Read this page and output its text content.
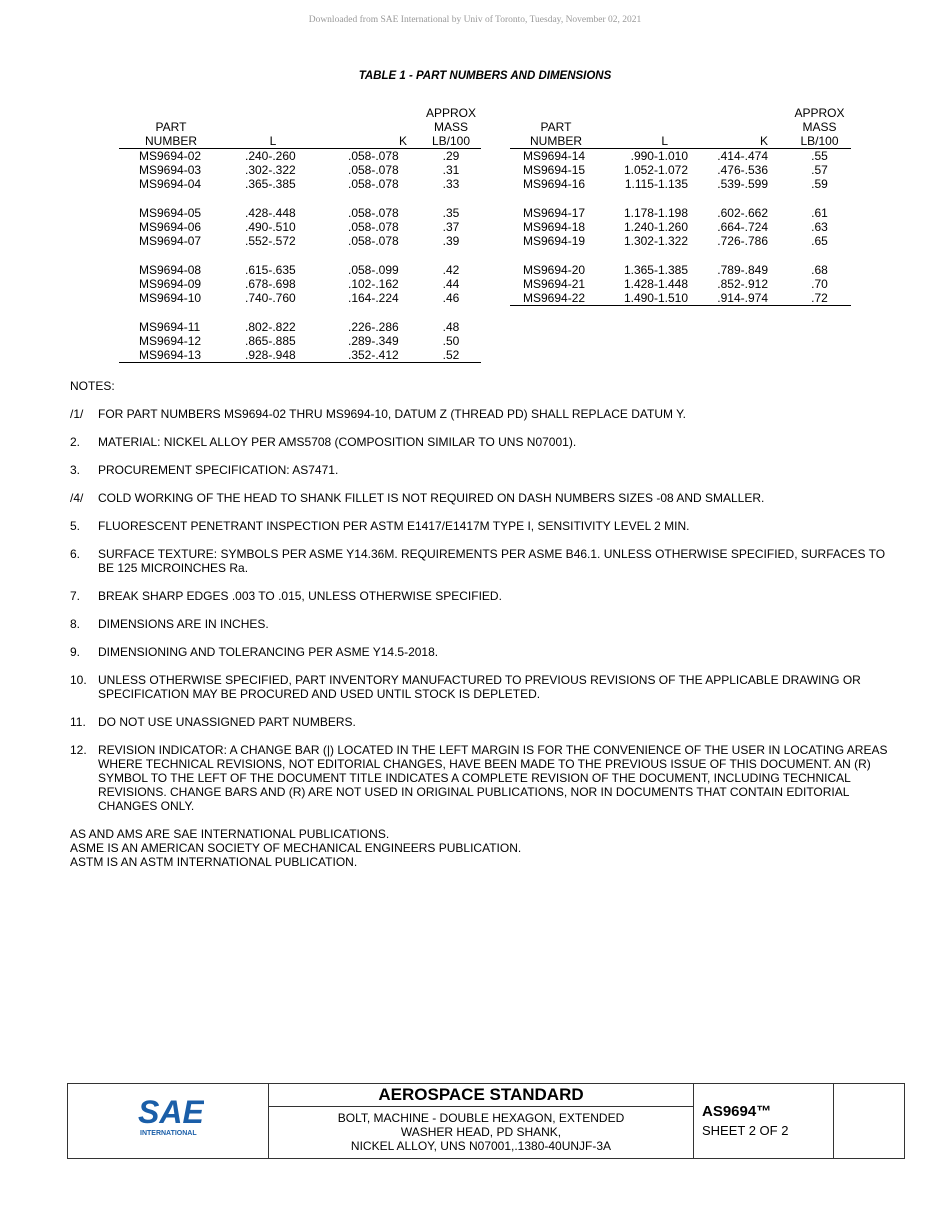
Downloaded from SAE International by Univ of Toronto, Tuesday, November 02, 2021
TABLE 1 - PART NUMBERS AND DIMENSIONS
PART
NUMBER	L	K	APPROX
MASS
LB/100
MS9694-02	.240-.260	.058-.078	.29
MS9694-03	.302-.322	.058-.078	.31
MS9694-04	.365-.385	.058-.078	.33

MS9694-05	.428-.448	.058-.078	.35
MS9694-06	.490-.510	.058-.078	.37
MS9694-07	.552-.572	.058-.078	.39

MS9694-08	.615-.635	.058-.099	.42
MS9694-09	.678-.698	.102-.162	.44
MS9694-10	.740-.760	.164-.224	.46

MS9694-11	.802-.822	.226-.286	.48
MS9694-12	.865-.885	.289-.349	.50
MS9694-13	.928-.948	.352-.412	.52
PART
NUMBER	L	K	APPROX
MASS
LB/100
MS9694-14	.990-1.010	.414-.474	.55
MS9694-15	1.052-1.072	.476-.536	.57
MS9694-16	1.115-1.135	.539-.599	.59

MS9694-17	1.178-1.198	.602-.662	.61
MS9694-18	1.240-1.260	.664-.724	.63
MS9694-19	1.302-1.322	.726-.786	.65

MS9694-20	1.365-1.385	.789-.849	.68
MS9694-21	1.428-1.448	.852-.912	.70
MS9694-22	1.490-1.510	.914-.974	.72

NOTES:
/1/ FOR PART NUMBERS MS9694-02 THRU MS9694-10, DATUM Z (THREAD PD) SHALL REPLACE DATUM Y.
2. MATERIAL: NICKEL ALLOY PER AMS5708 (COMPOSITION SIMILAR TO UNS N07001).
3. PROCUREMENT SPECIFICATION: AS7471.
/4/ COLD WORKING OF THE HEAD TO SHANK FILLET IS NOT REQUIRED ON DASH NUMBERS SIZES -08 AND SMALLER.
5. FLUORESCENT PENETRANT INSPECTION PER ASTM E1417/E1417M TYPE I, SENSITIVITY LEVEL 2 MIN.
6. SURFACE TEXTURE: SYMBOLS PER ASME Y14.36M. REQUIREMENTS PER ASME B46.1. UNLESS OTHERWISE SPECIFIED, SURFACES TO BE 125 MICROINCHES Ra.
7. BREAK SHARP EDGES .003 TO .015, UNLESS OTHERWISE SPECIFIED.
8. DIMENSIONS ARE IN INCHES.
9. DIMENSIONING AND TOLERANCING PER ASME Y14.5-2018.
10. UNLESS OTHERWISE SPECIFIED, PART INVENTORY MANUFACTURED TO PREVIOUS REVISIONS OF THE APPLICABLE DRAWING OR SPECIFICATION MAY BE PROCURED AND USED UNTIL STOCK IS DEPLETED.
11. DO NOT USE UNASSIGNED PART NUMBERS.
12. REVISION INDICATOR: A CHANGE BAR (|) LOCATED IN THE LEFT MARGIN IS FOR THE CONVENIENCE OF THE USER IN LOCATING AREAS WHERE TECHNICAL REVISIONS, NOT EDITORIAL CHANGES, HAVE BEEN MADE TO THE PREVIOUS ISSUE OF THIS DOCUMENT. AN (R) SYMBOL TO THE LEFT OF THE DOCUMENT TITLE INDICATES A COMPLETE REVISION OF THE DOCUMENT, INCLUDING TECHNICAL REVISIONS. CHANGE BARS AND (R) ARE NOT USED IN ORIGINAL PUBLICATIONS, NOR IN DOCUMENTS THAT CONTAIN EDITORIAL CHANGES ONLY.
AS AND AMS ARE SAE INTERNATIONAL PUBLICATIONS.
ASME IS AN AMERICAN SOCIETY OF MECHANICAL ENGINEERS PUBLICATION.
ASTM IS AN ASTM INTERNATIONAL PUBLICATION.
SAE
INTERNATIONAL
AEROSPACE STANDARD
BOLT, MACHINE - DOUBLE HEXAGON, EXTENDED
WASHER HEAD, PD SHANK,
NICKEL ALLOY, UNS N07001,.1380-40UNJF-3A
AS9694™
SHEET 2 OF 2
